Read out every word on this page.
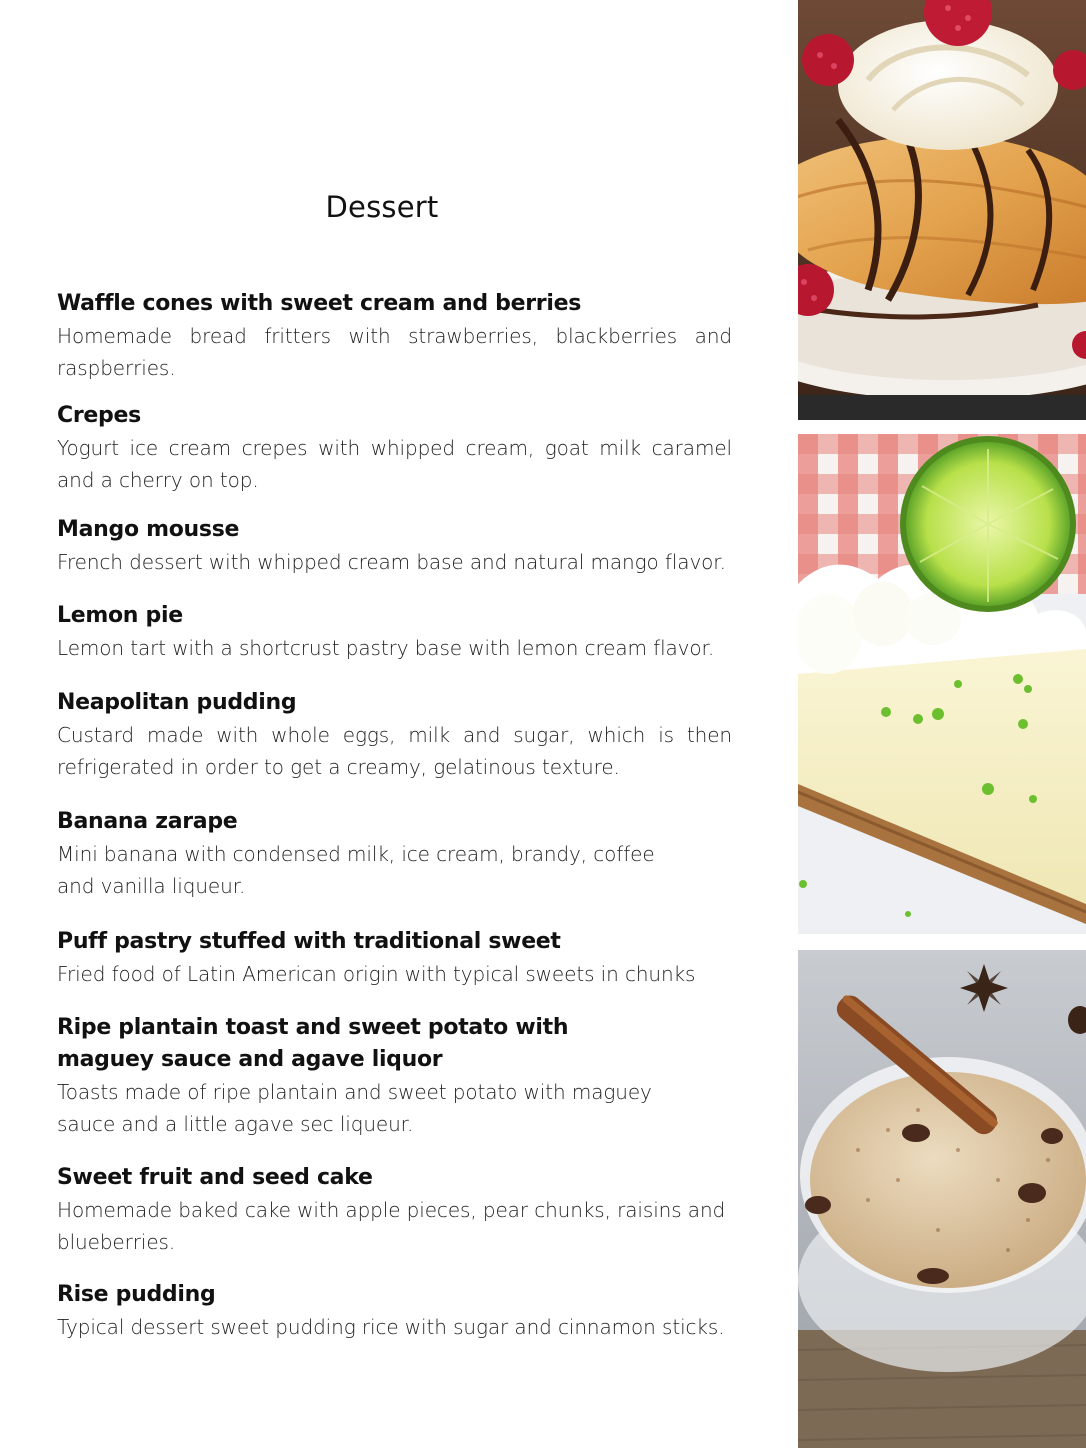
Dessert
Waffle cones with sweet cream and berries
Homemade bread fritters with strawberries, blackberries and raspberries.
Crepes
Yogurt ice cream crepes with whipped cream, goat milk caramel and a cherry on top.
Mango mousse
French dessert with whipped cream base and natural mango flavor.
Lemon pie
Lemon tart with a shortcrust pastry base with lemon cream flavor.
Neapolitan pudding
Custard made with whole eggs, milk and sugar, which is then refrigerated in order to get a creamy, gelatinous texture.
Banana zarape
Mini banana with condensed milk, ice cream, brandy, coffee and vanilla liqueur.
Puff pastry stuffed with traditional sweet
Fried food of Latin American origin with typical sweets in chunks
Ripe plantain toast and sweet potato with maguey sauce and agave liquor
Toasts made of ripe plantain and sweet potato with maguey sauce and a little agave sec liqueur.
Sweet fruit and seed cake
Homemade baked cake with apple pieces, pear chunks, raisins and blueberries.
Rise pudding
Typical dessert sweet pudding rice with sugar and cinnamon sticks.
